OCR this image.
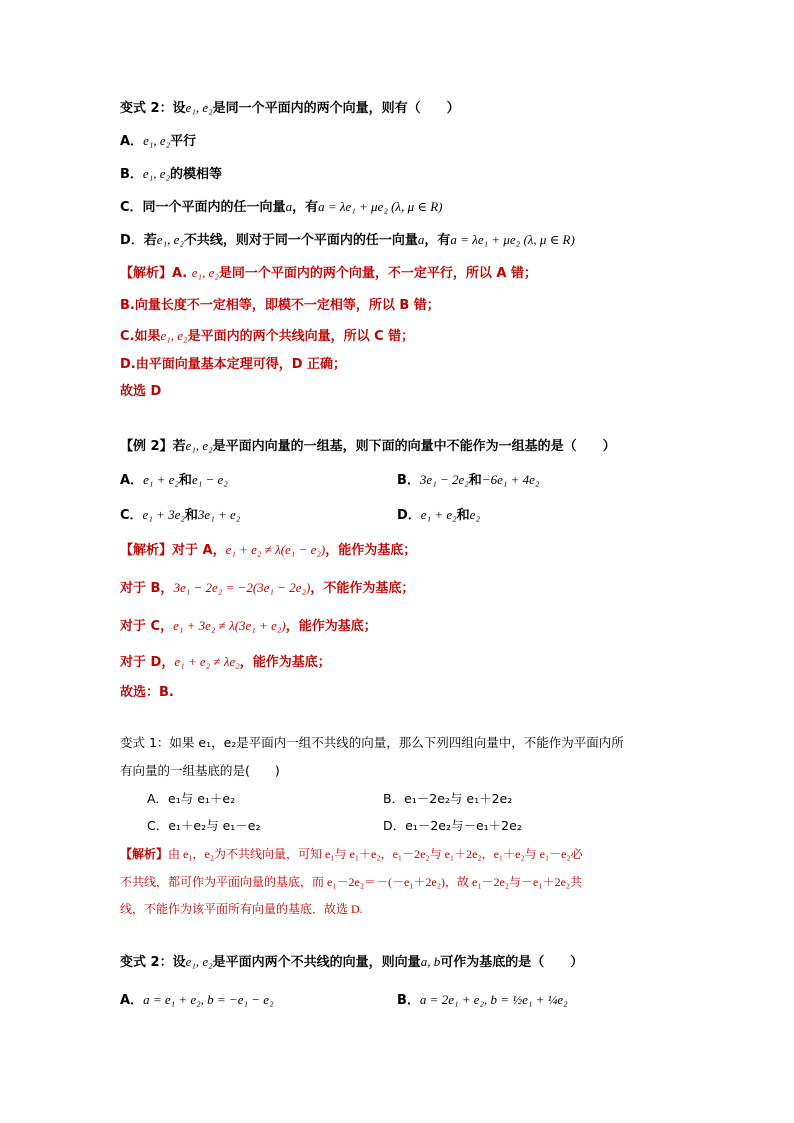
变式 2：设e₁, e₂是同一个平面内的两个向量，则有（　　）
A．e₁, e₂平行
B．e₁, e₂的模相等
C．同一个平面内的任一向量a，有a = λe₁ + μe₂ (λ, μ ∈ R)
D．若e₁, e₂不共线，则对于同一个平面内的任一向量a，有a = λe₁ + μe₂ (λ, μ ∈ R)
【解析】A. e₁, e₂是同一个平面内的两个向量，不一定平行，所以 A 错；
B.向量长度不一定相等，即模不一定相等，所以 B 错；
C.如果e₁, e₂是平面内的两个共线向量，所以 C 错；
D.由平面向量基本定理可得，D 正确；
故选 D
【例 2】若e₁, e₂是平面内向量的一组基，则下面的向量中不能作为一组基的是（　　）
A．e₁ + e₂和e₁ − e₂	B．3e₁ − 2e₂和−6e₁ + 4e₂
C．e₁ + 3e₂和3e₁ + e₂	D．e₁ + e₂和e₂
【解析】对于 A，e₁ + e₂ ≠ λ(e₁ − e₂)，能作为基底；
对于 B，3e₁ − 2e₂ = −2(3e₁ − 2e₂)，不能作为基底；
对于 C，e₁ + 3e₂ ≠ λ(3e₁ + e₂)，能作为基底；
对于 D，e₁ + e₂ ≠ λe₂，能作为基底；
故选：B.
变式 1：如果 e₁，e₂是平面内一组不共线的向量，那么下列四组向量中，不能作为平面内所
有向量的一组基底的是(　　)
A．e₁与 e₁＋e₂	B．e₁－2e₂与 e₁＋2e₂
C．e₁＋e₂与 e₁－e₂	D．e₁－2e₂与－e₁＋2e₂
【解析】由 e₁，e₂为不共线向量，可知 e₁与 e₁＋e₂，e₁－2e₂与 e₁＋2e₂，e₁＋e₂与 e₁－e₂必
不共线，都可作为平面向量的基底，而 e₁－2e₂＝－(－e₁＋2e₂)，故 e₁－2e₂与－e₁＋2e₂共
线，不能作为该平面所有向量的基底．故选 D.
变式 2：设e₁, e₂是平面内两个不共线的向量，则向量a, b可作为基底的是（　　）
A．a = e₁ + e₂, b = −e₁ − e₂	B．a = 2e₁ + e₂, b = ½e₁ + ¼e₂
